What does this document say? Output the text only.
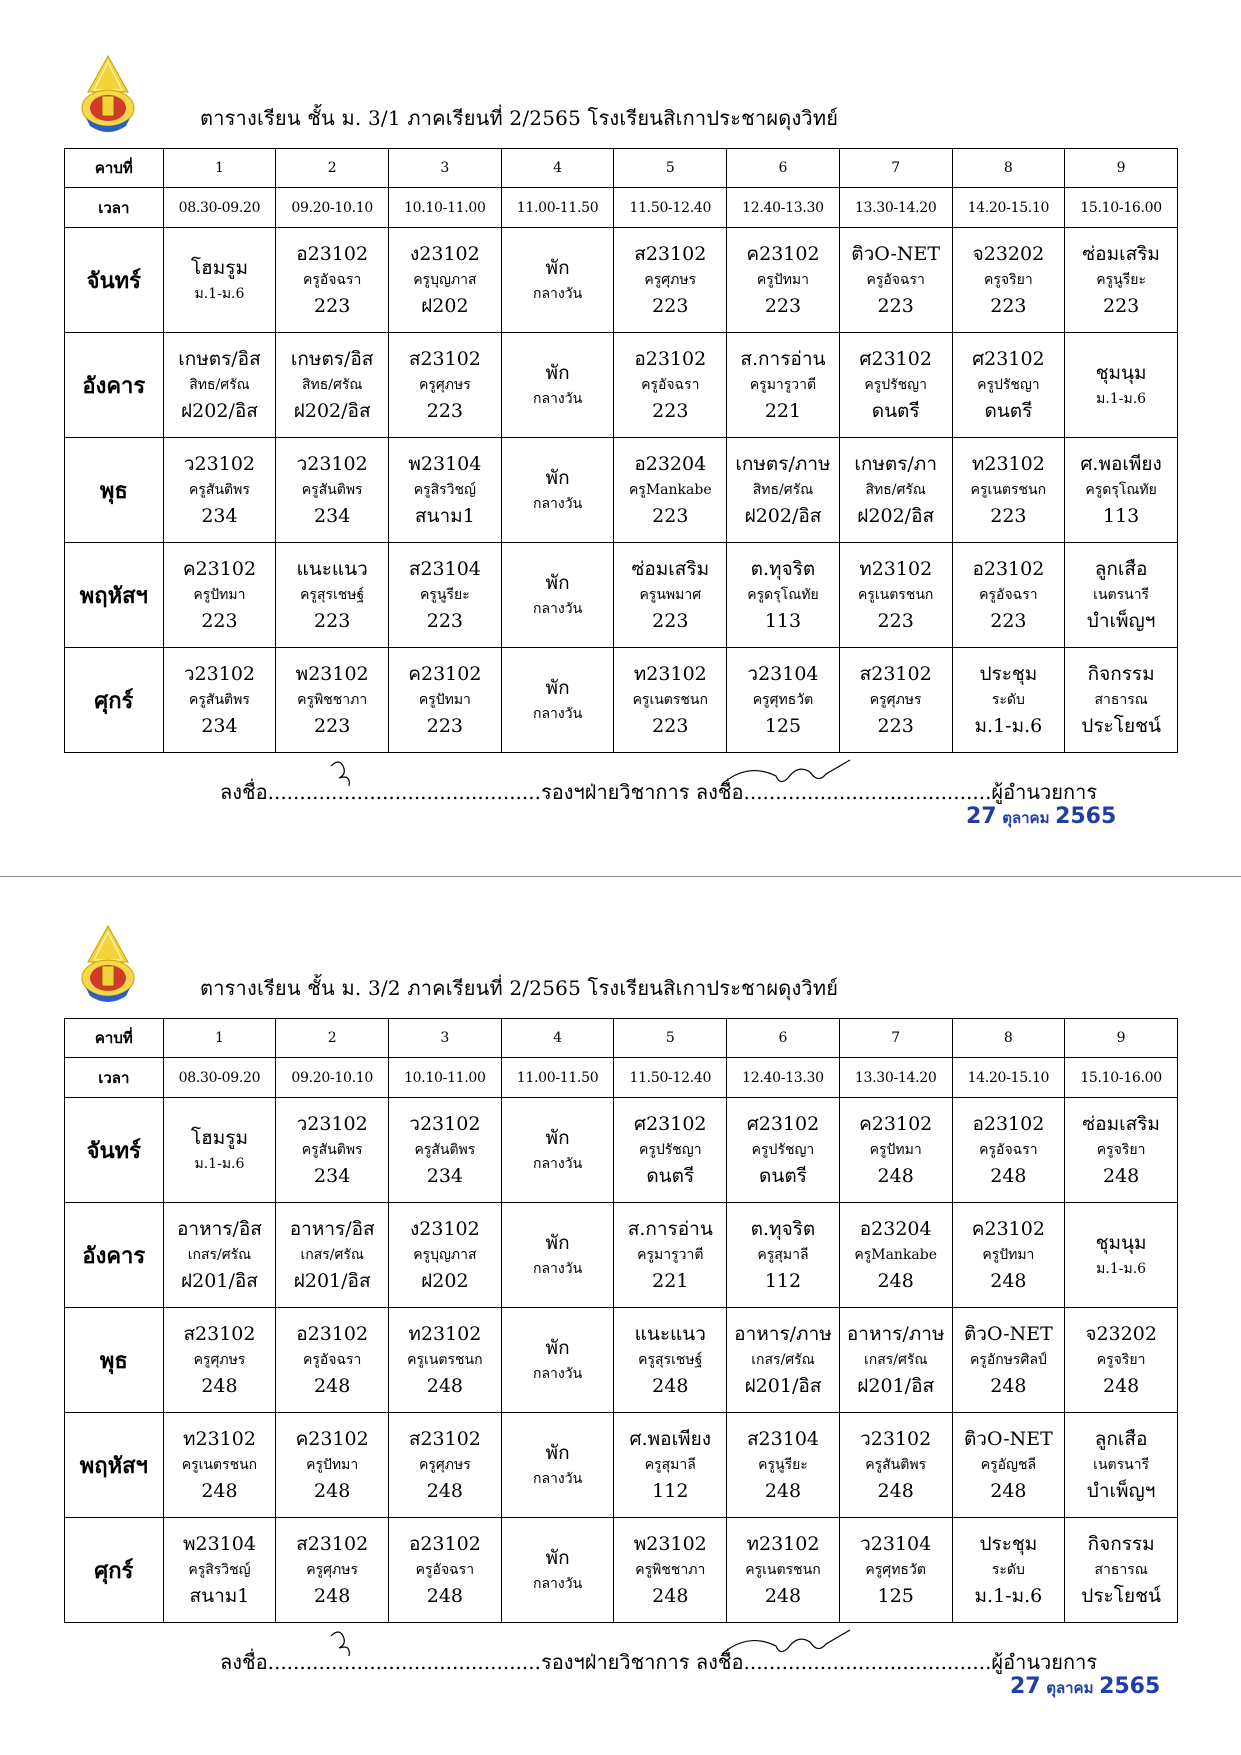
ตารางเรียน ชั้น ม. 3/1 ภาคเรียนที่ 2/2565 โรงเรียนสิเกาประชาผดุงวิทย์
คาบที่	1	2	3	4	5	6	7	8	9
เวลา	08.30-09.20	09.20-10.10	10.10-11.00	11.00-11.50	11.50-12.40	12.40-13.30	13.30-14.20	14.20-15.10	15.10-16.00
จันทร์	โฮมรูม
ม.1-ม.6	อ23102
ครูอัจฉรา
223	ง23102
ครูบุญภาส
ฝ202	พัก
กลางวัน	ส23102
ครูศุภษร
223	ค23102
ครูปัทมา
223	ติวO-NET
ครูอัจฉรา
223	จ23202
ครูจริยา
223	ซ่อมเสริม
ครูนูรียะ
223

อังคาร	เกษตร/อิส
สิทธ/ศรัณ
ฝ202/อิส	เกษตร/อิส
สิทธ/ศรัณ
ฝ202/อิส	ส23102
ครูศุภษร
223	พัก
กลางวัน	อ23102
ครูอัจฉรา
223	ส.การอ่าน
ครูมารูวาตี
221	ศ23102
ครูปรัชญา
ดนตรี	ศ23102
ครูปรัชญา
ดนตรี	ชุมนุม
ม.1-ม.6

พุธ	ว23102
ครูสันติพร
234	ว23102
ครูสันติพร
234	พ23104
ครูสิรวิชญ์
สนาม1	พัก
กลางวัน	อ23204
ครูMankabe
223	เกษตร/ภาษ
สิทธ/ศรัณ
ฝ202/อิส	เกษตร/ภา
สิทธ/ศรัณ
ฝ202/อิส	ท23102
ครูเนตรชนก
223	ศ.พอเพียง
ครูดรุโณทัย
113

พฤหัสฯ	ค23102
ครูปัทมา
223	แนะแนว
ครูสุรเชษฐ์
223	ส23104
ครูนูรียะ
223	พัก
กลางวัน	ซ่อมเสริม
ครูนพมาศ
223	ต.ทุจริต
ครูดรุโณทัย
113	ท23102
ครูเนตรชนก
223	อ23102
ครูอัจฉรา
223	ลูกเสือ
เนตรนารี
บำเพ็ญฯ

ศุกร์	ว23102
ครูสันติพร
234	พ23102
ครูพิชชาภา
223	ค23102
ครูปัทมา
223	พัก
กลางวัน	ท23102
ครูเนตรชนก
223	ว23104
ครูศุทธวัต
125	ส23102
ครูศุภษร
223	ประชุม
ระดับ
ม.1-ม.6	กิจกรรม
สาธารณ
ประโยชน์
ลงชื่อ...........................................รองฯฝ่ายวิชาการ ลงชื่อ.......................................ผู้อำนวยการ
27 ตุลาคม 2565
ตารางเรียน ชั้น ม. 3/2 ภาคเรียนที่ 2/2565 โรงเรียนสิเกาประชาผดุงวิทย์
คาบที่	1	2	3	4	5	6	7	8	9
เวลา	08.30-09.20	09.20-10.10	10.10-11.00	11.00-11.50	11.50-12.40	12.40-13.30	13.30-14.20	14.20-15.10	15.10-16.00
จันทร์	โฮมรูม
ม.1-ม.6	ว23102
ครูสันติพร
234	ว23102
ครูสันติพร
234	พัก
กลางวัน	ศ23102
ครูปรัชญา
ดนตรี	ศ23102
ครูปรัชญา
ดนตรี	ค23102
ครูปัทมา
248	อ23102
ครูอัจฉรา
248	ซ่อมเสริม
ครูจริยา
248

อังคาร	อาหาร/อิส
เกสร/ศรัณ
ฝ201/อิส	อาหาร/อิส
เกสร/ศรัณ
ฝ201/อิส	ง23102
ครูบุญภาส
ฝ202	พัก
กลางวัน	ส.การอ่าน
ครูมารูวาตี
221	ต.ทุจริต
ครูสุมาลี
112	อ23204
ครูMankabe
248	ค23102
ครูปัทมา
248	ชุมนุม
ม.1-ม.6

พุธ	ส23102
ครูศุภษร
248	อ23102
ครูอัจฉรา
248	ท23102
ครูเนตรชนก
248	พัก
กลางวัน	แนะแนว
ครูสุรเชษฐ์
248	อาหาร/ภาษ
เกสร/ศรัณ
ฝ201/อิส	อาหาร/ภาษ
เกสร/ศรัณ
ฝ201/อิส	ติวO-NET
ครูอักษรศิลป์
248	จ23202
ครูจริยา
248

พฤหัสฯ	ท23102
ครูเนตรชนก
248	ค23102
ครูปัทมา
248	ส23102
ครูศุภษร
248	พัก
กลางวัน	ศ.พอเพียง
ครูสุมาลี
112	ส23104
ครูนูรียะ
248	ว23102
ครูสันติพร
248	ติวO-NET
ครูอัญชลี
248	ลูกเสือ
เนตรนารี
บำเพ็ญฯ

ศุกร์	พ23104
ครูสิรวิชญ์
สนาม1	ส23102
ครูศุภษร
248	อ23102
ครูอัจฉรา
248	พัก
กลางวัน	พ23102
ครูพิชชาภา
248	ท23102
ครูเนตรชนก
248	ว23104
ครูศุทธวัต
125	ประชุม
ระดับ
ม.1-ม.6	กิจกรรม
สาธารณ
ประโยชน์
ลงชื่อ...........................................รองฯฝ่ายวิชาการ ลงชื่อ.......................................ผู้อำนวยการ
27 ตุลาคม 2565
